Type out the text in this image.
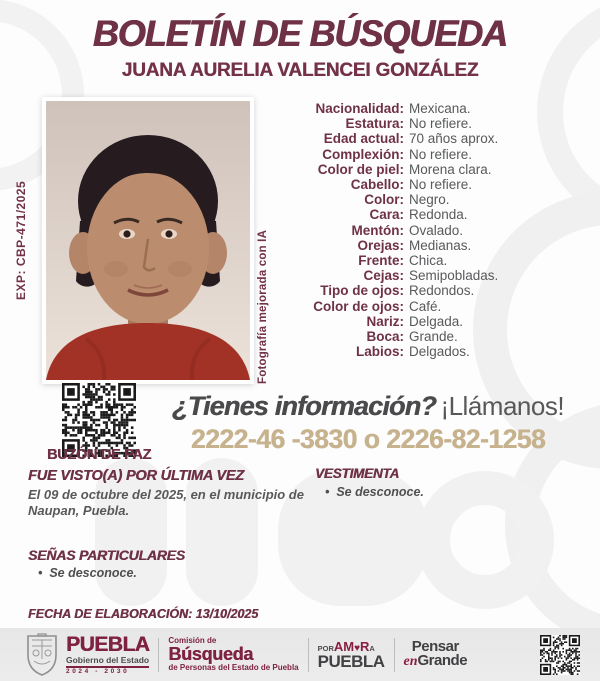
BOLETÍN DE BÚSQUEDA
JUANA AURELIA VALENCEI GONZÁLEZ
EXP: CBP-471/2025	Fotografía mejorada con IA
Nacionalidad: Mexicana.
Estatura: No refiere.
Edad actual: 70 años aprox.
Complexión: No refiere.
Color de piel: Morena clara.
Cabello: No refiere.
Color: Negro.
Cara: Redonda.
Mentón: Ovalado.
Orejas: Medianas.
Frente: Chica.
Cejas: Semipobladas.
Tipo de ojos: Redondos.
Color de ojos: Café.
Nariz: Delgada.
Boca: Grande.
Labios: Delgados.
BUZÓN DE PAZ
¿Tienes información? ¡Llámanos!
2222-46 -3830 o 2226-82-1258
FUE VISTO(A) POR ÚLTIMA VEZ
El 09 de octubre del 2025, en el municipio de Naupan, Puebla.
VESTIMENTA
•  Se desconoce.
SEÑAS PARTICULARES
•  Se desconoce.
FECHA DE ELABORACIÓN: 13/10/2025
PUEBLA
Gobierno del Estado
2024 - 2030
Comisión de
Búsqueda
de Personas del Estado de Puebla
PORAM♥RA
PUEBLA
Pensar
enGrande
